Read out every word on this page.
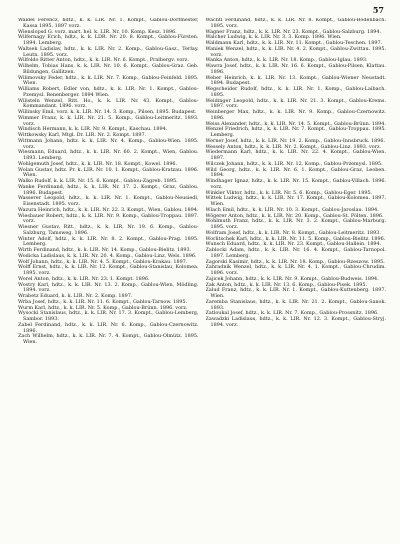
57

Waldel Ferencz, hdtz., k. k. LIR. Nr. 1. Kompt., Gablou-Dorfmester, Kassa 1895. 1897 vorz.

Wienslopsd G. vorz. mart. hel. k. LIR. Nr. 10. Komp. Kesz. 1896.

Wilfernagy Erich, hdtz., k. k. LDR. Nr. 20. 8. Kompt., Gablou-Fürsten. 1894. Lemberg.

Waltsek Ladislav, hdtz., k. k. LIR. Nr. 2. Komp., Gablou-Gasz., Terlay. Leutn. 1895. vorz.

Wilfoldo Ritter Anton, hdtz., k. k. LIR. Nr. 6. Kompt., Pralbergv. vorz.

Wilhelm, Tobias Hans, k. k. LIR. Nr. 10. 6. Kompt., Gablou-Graz. Geb. Bildungen, Gallitzen.

Wilimovsky Feder, hdtz., k. k. LIR. Nr. 7. Komp., Gablou-Feinfeld. 1895. Wien.

Williams Robert, Edler von, hdtz., k. k. LIR. Nr. 1. Kompt., Gablou-Pzemysl. Benenberger. 1894 Wien.

Wilisteln Wenzel, Ritt. Ho., k. k. LIR. Nr. 43. Kompt., Gablou-Kommandant. 1896. vorz.

Willinsky Emil, vorz. k. k. LIR. Nr. 14. 3. Komp., Pilsen. 1895. Budapest.

Wimmer Franz, k. k. LIR. Nr. 21. 5. Komp., Gablou-Leitmeritz. 1893. vorz.

Windisch Hermann, k. k. LIR. Nr. 9. Kompt., Kaschau. 1894.

Wittkowsky Karl, Mtgl. Dr. LIR. Nr. 2. Kompt. 1897.

Wittmann Johann, hdtz. k. k. LIR. Nr. 4. Komp., Gablou-Wien. 1895. vorz.

Wiesmann, Eduard, hdtz., k. k. LIR. Nr. 60. 2. Kompt., Wien, Gablou. 1893. Lemberg.

Wohlgemuth Josef, hdtz., k. k. LIR. Nr. 18. Kompt., Kowel. 1896.

Wolan Gustav, hdtz. Pr. k. LIR. Nr. 10. 1. Kompt., Gablou-Kratzau. 1896. Wien.

Walko Rudolf, k. k. LIR. Nr. 15. 6. Kompt., Gablou-Zagreb. 1895.

Wanke Ferdinand, hdtz., k. k. LIR. Nr. 17. 2. Kompt., Graz, Gablou. 1896. Budapest.

Wasserer Leopold, hdtz., k. k. LIR. Nr. 1. Kompt., Gablou-Neusiedl, Eisenstadt. 1895. vorz.

Wazura Heinrich, hdtz., k. k. LIR. Nr. 22. 3. Kompt., Wien, Gablou. 1894.

Wiesbauer Robert, hdtz., k. k. LIR. Nr. 9. Komp., Gablou-Troppau. 1897. vorz.

Wiesner Gustav, Ritt., hdtz., k. k. LIR. Nr. 19. 6. Komp., Gablou-Salzburg, Tamsweg. 1896.

Winter Adolf, hdtz., k. k. LIR. Nr. 8. 2. Kompt., Gablou-Prag. 1895. Lemberg.

Wirth Ferdinand, hdtz., k. k. LIR. Nr. 14. Komp., Gablou-Bielitz. 1893.

Wodicka Ladislaus, k. k. LIR. Nr. 20. 4. Komp., Gablou-Linz, Wels. 1896.

Wolf Johann, hdtz., k. k. LIR. Nr. 4. 5. Kompt., Gablou-Krakau. 1897.

Wolff Ernst, hdtz., k. k. LIR. Nr. 12. Kompt., Gablou-Stanislau, Kolomea. 1895. vorz.

Worel Anton, hdtz., k. k. LIR. Nr. 23. 1. Kompt. 1896.

Wostry Karl, hdtz., k. k. LIR. Nr. 13. 2. Komp., Gablou-Wien, Mödling. 1894. vorz.

Wrabetz Eduard, k. k. LIR. Nr. 2. Komp. 1897.

Wrba Josef, hdtz., k. k. LIR. Nr. 11. 6. Kompt., Gablou-Tarnow. 1895.

Wurm Karl, hdtz., k. k. LIR. Nr. 5. Komp., Gablou-Brünn. 1896. vorz.

Wysocki Stanislaus, hdtz., k. k. LIR. Nr. 17. 3. Kompt., Gablou-Lemberg, Sambor. 1893.

Zabel Ferdinand, hdtz., k. k. LIR. Nr. 6. Komp., Gablou-Czernowitz. 1896.

Zach Wilhelm, hdtz., k. k. LIR. Nr. 7. 4. Kompt., Gablou-Olmütz. 1895. Wien.

Wachtl Ferdinand, hdtz., k. k. LIR. Nr. 8. Kompt., Gablou-Bodenbach. 1895. vorz.

Wagner Franz, hdtz., k. k. LIR. Nr. 23. Kompt., Gablou-Salzburg. 1894.

Walcher Ludwig, k. k. LIR. Nr. 3. 3. Komp. 1896. Wien.

Waldmann Karl, hdtz., k. k. LIR. Nr. 11. Kompt., Gablou-Teschen. 1897.

Waniek Wenzel, hdtz., k. k. LIR. Nr. 4. 2. Kompt., Gablou-Zwittau. 1895. vorz.

Wanka Anton, hdtz., k. k. LIR. Nr. 18. Komp., Gablou-Iglau. 1893.

Wawra Josef, hdtz., k. k. LIR. Nr. 16. 6. Kompt., Gablou-Pilsen, Klattau. 1896.

Weber Heinrich, k. k. LIR. Nr. 13. Kompt., Gablou-Wiener Neustadt. 1894. Budapest.

Wegscheider Rudolf, hdtz., k. k. LIR. Nr. 1. Komp., Gablou-Laibach. 1895.

Weidinger Leopold, hdtz., k. k. LIR. Nr. 21. 3. Kompt., Gablou-Krems. 1897. vorz.

Weinberger Max, hdtz., k. k. LIR. Nr. 9. Komp., Gablou-Czernowitz. 1896.

Weiss Alexander, hdtz., k. k. LIR. Nr. 14. 5. Kompt., Gablou-Brünn. 1894.

Wenzel Friedrich, hdtz., k. k. LIR. Nr. 7. Kompt., Gablou-Troppau. 1895. Lemberg.

Werner Josef, hdtz., k. k. LIR. Nr. 19. 2. Komp., Gablou-Innsbruck. 1896.

Wessely Anton, hdtz., k. k. LIR. Nr. 2. Kompt., Gablou-Linz. 1893. vorz.

Wiedermann Karl, hdtz., k. k. LIR. Nr. 22. 4. Kompt., Gablou-Wien. 1897.

Wilczek Johann, hdtz., k. k. LIR. Nr. 12. Komp., Gablou-Przemysl. 1895.

Wild Georg, hdtz., k. k. LIR. Nr. 6. 1. Kompt., Gablou-Graz, Leoben. 1894.

Windhager Ignaz, hdtz., k. k. LIR. Nr. 15. Kompt., Gablou-Villach. 1896. vorz.

Winkler Viktor, hdtz., k. k. LIR. Nr. 5. 6. Komp., Gablou-Eger. 1895.

Wittek Ludwig, hdtz., k. k. LIR. Nr. 17. Kompt., Gablou-Kolomea. 1897. Wien.

Wlach Emil, hdtz., k. k. LIR. Nr. 10. 3. Kompt., Gablou-Jaroslau. 1894.

Wögerer Anton, hdtz., k. k. LIR. Nr. 20. Komp., Gablou-St. Pölten. 1896.

Wohlmuth Franz, hdtz., k. k. LIR. Nr. 3. 2. Kompt., Gablou-Marburg. 1895. vorz.

Wolfram Josef, hdtz., k. k. LIR. Nr. 8. Kompt., Gablou-Leitmeritz. 1893.

Worlitschek Karl, hdtz., k. k. LIR. Nr. 11. 5. Komp., Gablou-Bielitz. 1896.

Wunsch Eduard, hdtz., k. k. LIR. Nr. 23. Kompt., Gablou-Hallein. 1894.

Zablocki Adam, hdtz., k. k. LIR. Nr. 16. 4. Kompt., Gablou-Tarnopol. 1897. Lemberg.

Zagorski Kasimir, hdtz., k. k. LIR. Nr. 18. Komp., Gablou-Rzeszow. 1895.

Zahradnik Wenzel, hdtz., k. k. LIR. Nr. 4. 1. Kompt., Gablou-Chrudim. 1896. vorz.

Zajicek Johann, hdtz., k. k. LIR. Nr. 9. Kompt., Gablou-Budweis. 1894.

Zak Anton, hdtz., k. k. LIR. Nr. 13. 6. Komp., Gablou-Pisek. 1895.

Zalud Franz, hdtz., k. k. LIR. Nr. 1. Kompt., Gablou-Kuttenberg. 1897. Wien.

Zaremba Stanislaus, hdtz., k. k. LIR. Nr. 21. 2. Kompt., Gablou-Sanok. 1893.

Zatloukal Josef, hdtz., k. k. LIR. Nr. 7. Komp., Gablou-Prossnitz. 1896.

Zawadzki Ladislaus, hdtz., k. k. LIR. Nr. 12. 3. Kompt., Gablou-Stryj. 1894. vorz.
